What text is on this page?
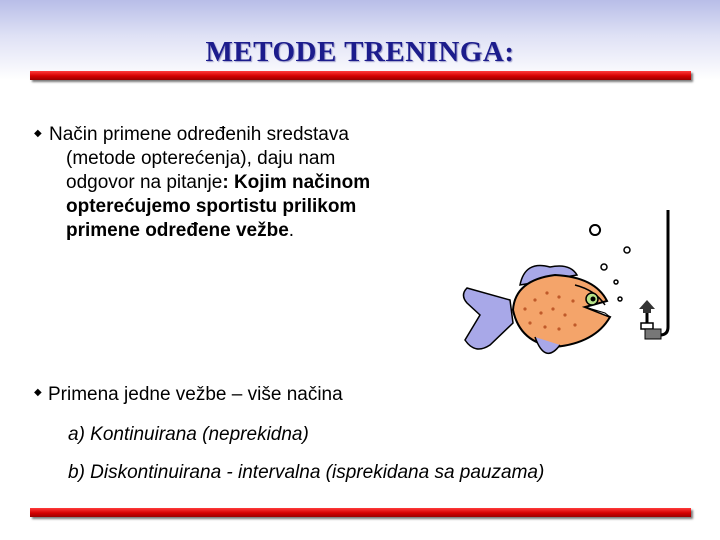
METODE TRENINGA:
◆ Način primene određenih sredstava
(metode opterećenja), daju nam
odgovor na pitanje: Kojim načinom
opterećujemo sportistu prilikom
primene određene vežbe.
◆ Primena jedne vežbe – više načina
a) Kontinuirana (neprekidna)
b) Diskontinuirana - intervalna (isprekidana sa pauzama)
